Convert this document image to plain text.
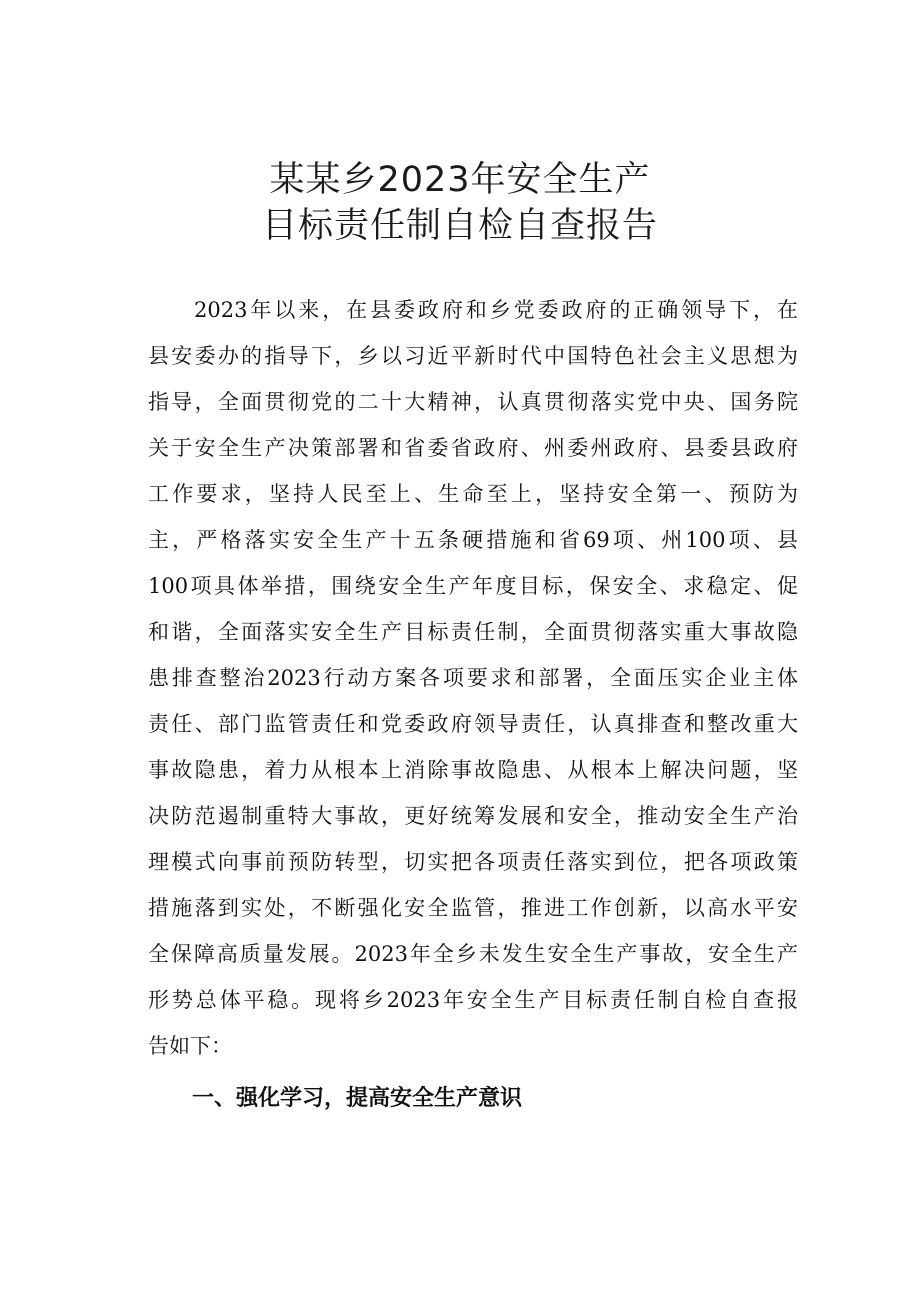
某某乡2023年安全生产
目标责任制自检自查报告
2023年以来，在县委政府和乡党委政府的正确领导下，在
县安委办的指导下，乡以习近平新时代中国特色社会主义思想为
指导，全面贯彻党的二十大精神，认真贯彻落实党中央、国务院
关于安全生产决策部署和省委省政府、州委州政府、县委县政府
工作要求，坚持人民至上、生命至上，坚持安全第一、预防为
主，严格落实安全生产十五条硬措施和省69项、州100项、县
100项具体举措，围绕安全生产年度目标，保安全、求稳定、促
和谐，全面落实安全生产目标责任制，全面贯彻落实重大事故隐
患排查整治2023行动方案各项要求和部署，全面压实企业主体
责任、部门监管责任和党委政府领导责任，认真排查和整改重大
事故隐患，着力从根本上消除事故隐患、从根本上解决问题，坚
决防范遏制重特大事故，更好统筹发展和安全，推动安全生产治
理模式向事前预防转型，切实把各项责任落实到位，把各项政策
措施落到实处，不断强化安全监管，推进工作创新，以高水平安
全保障高质量发展。2023年全乡未发生安全生产事故，安全生产
形势总体平稳。现将乡2023年安全生产目标责任制自检自查报
告如下：
一、强化学习，提高安全生产意识
